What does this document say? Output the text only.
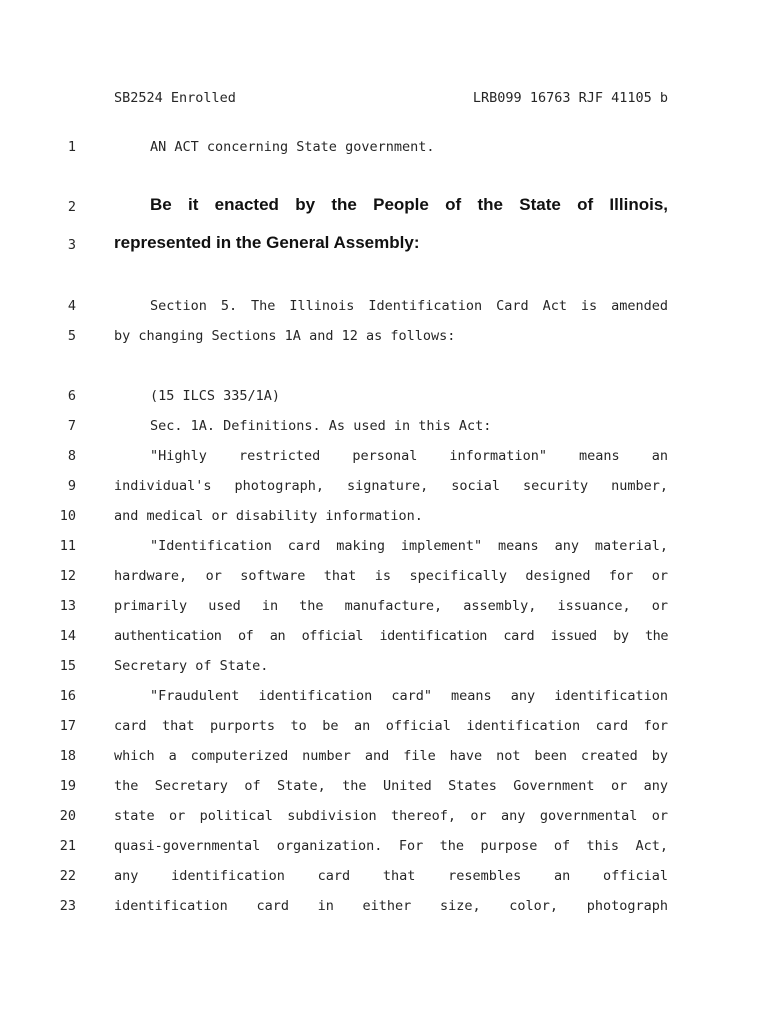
SB2524 Enrolled	LRB099 16763 RJF 41105 b
1	AN ACT concerning State government.
2	Be it enacted by the People of the State of Illinois,
3 represented in the General Assembly:
4	Section 5. The Illinois Identification Card Act is amended
5	by changing Sections 1A and 12 as follows:
6	(15 ILCS 335/1A)
7	Sec. 1A. Definitions. As used in this Act:
8	"Highly restricted personal information" means an
9	individual's photograph, signature, social security number,
10	and medical or disability information.
11	"Identification card making implement" means any material,
12	hardware, or software that is specifically designed for or
13	primarily used in the manufacture, assembly, issuance, or
14	authentication of an official identification card issued by the
15	Secretary of State.
16	"Fraudulent identification card" means any identification
17	card that purports to be an official identification card for
18	which a computerized number and file have not been created by
19	the Secretary of State, the United States Government or any
20	state or political subdivision thereof, or any governmental or
21	quasi-governmental organization. For the purpose of this Act,
22	any identification card that resembles an official
23	identification card in either size, color, photograph
